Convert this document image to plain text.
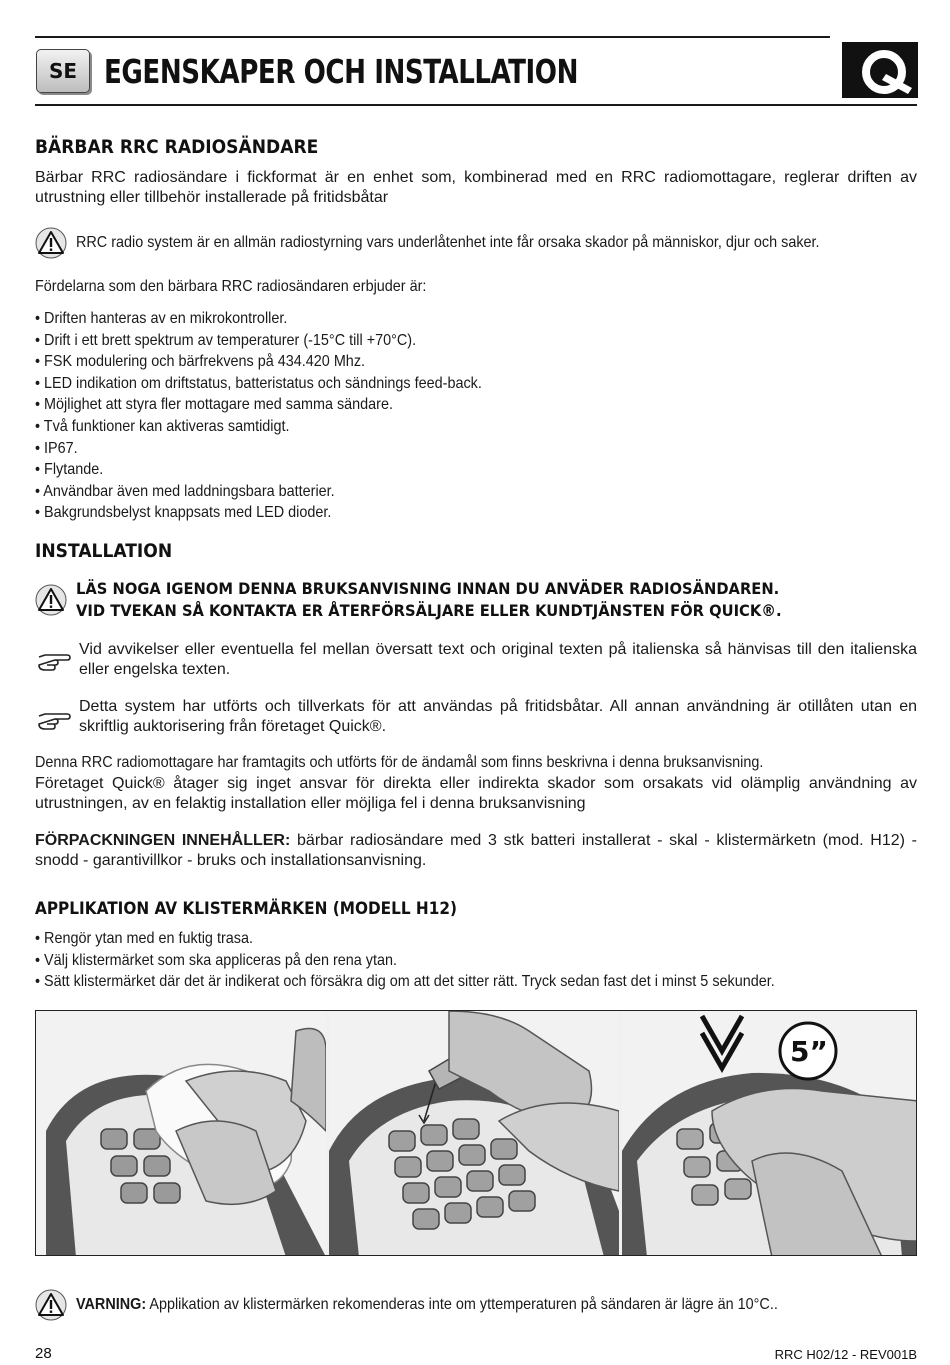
SE EGENSKAPER OCH INSTALLATION
BÄRBAR RRC RADIOSÄNDARE
Bärbar RRC radiosändare i fickformat är en enhet som, kombinerad med en RRC radiomottagare, reglerar driften av utrustning eller tillbehör installerade på fritidsbåtar
RRC radio system är en allmän radiostyrning vars underlåtenhet inte får orsaka skador på människor, djur och saker.
Fördelarna som den bärbara RRC radiosändaren erbjuder är:
• Driften hanteras av en mikrokontroller.
• Drift i ett brett spektrum av temperaturer (-15°C till +70°C).
• FSK modulering och bärfrekvens på 434.420 Mhz.
• LED indikation om driftstatus, batteristatus och sändnings feed-back.
• Möjlighet att styra fler mottagare med samma sändare.
• Två funktioner kan aktiveras samtidigt.
• IP67.
• Flytande.
• Användbar även med laddningsbara batterier.
• Bakgrundsbelyst knappsats med LED dioder.
INSTALLATION
LÄS NOGA IGENOM DENNA BRUKSANVISNING INNAN DU ANVÄDER RADIOSÄNDAREN.
VID TVEKAN SÅ KONTAKTA ER ÅTERFÖRSÄLJARE ELLER KUNDTJÄNSTEN FÖR QUICK®.
Vid avvikelser eller eventuella fel mellan översatt text och original texten på italienska så hänvisas till den italienska eller engelska texten.
Detta system har utförts och tillverkats för att användas på fritidsbåtar. All annan användning är otillåten utan en skriftlig auktorisering från företaget Quick®.
Denna RRC radiomottagare har framtagits och utförts för de ändamål som finns beskrivna i denna bruksanvisning.
Företaget Quick® åtager sig inget ansvar för direkta eller indirekta skador som orsakats vid olämplig användning av utrustningen, av en felaktig installation eller möjliga fel i denna bruksanvisning
FÖRPACKNINGEN INNEHÅLLER: bärbar radiosändare med 3 stk batteri installerat - skal - klistermärketn (mod. H12) - snodd - garantivillkor - bruks och installationsanvisning.
APPLIKATION AV KLISTERMÄRKEN (MODELL H12)
• Rengör ytan med en fuktig trasa.
• Välj klistermärket som ska appliceras på den rena ytan.
• Sätt klistermärket där det är indikerat och försäkra dig om att det sitter rätt. Tryck sedan fast det i minst 5 sekunder.
5”
VARNING: Applikation av klistermärken rekomenderas inte om yttemperaturen på sändaren är lägre än 10°C..
28	RRC H02/12 - REV001B
